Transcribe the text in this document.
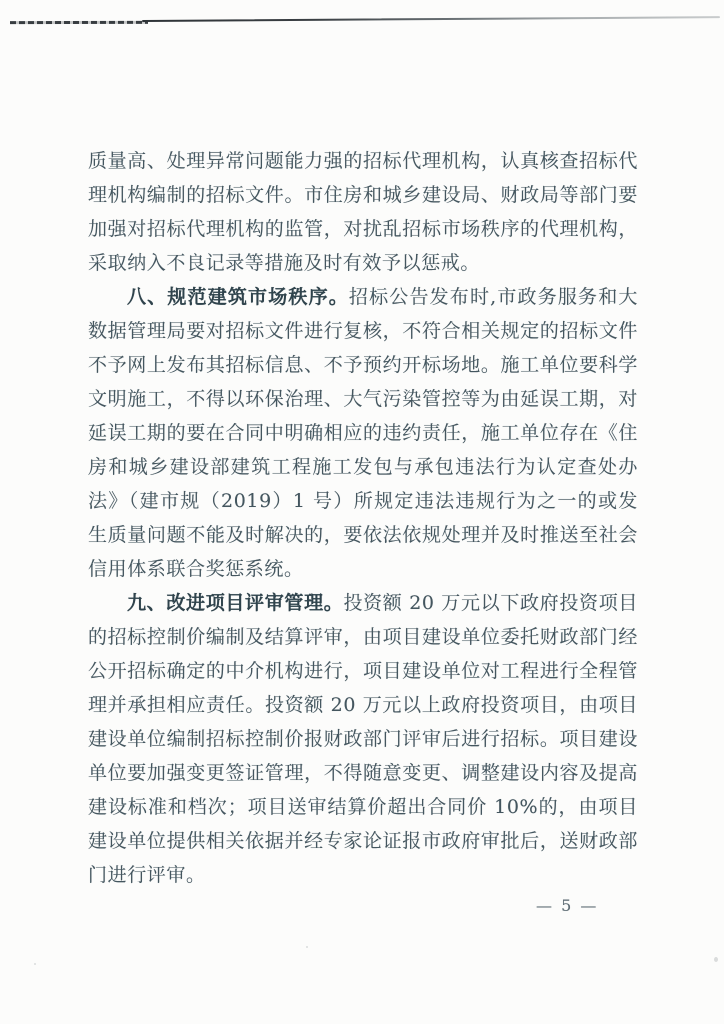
质量高、处理异常问题能力强的招标代理机构，认真核查招标代理机构编制的招标文件。市住房和城乡建设局、财政局等部门要加强对招标代理机构的监管，对扰乱招标市场秩序的代理机构，采取纳入不良记录等措施及时有效予以惩戒。

八、规范建筑市场秩序。招标公告发布时,市政务服务和大数据管理局要对招标文件进行复核，不符合相关规定的招标文件不予网上发布其招标信息、不予预约开标场地。施工单位要科学文明施工，不得以环保治理、大气污染管控等为由延误工期，对延误工期的要在合同中明确相应的违约责任，施工单位存在《住房和城乡建设部建筑工程施工发包与承包违法行为认定查处办法》（建市规（2019）1 号）所规定违法违规行为之一的或发生质量问题不能及时解决的，要依法依规处理并及时推送至社会信用体系联合奖惩系统。

九、改进项目评审管理。投资额 20 万元以下政府投资项目的招标控制价编制及结算评审，由项目建设单位委托财政部门经公开招标确定的中介机构进行，项目建设单位对工程进行全程管理并承担相应责任。投资额 20 万元以上政府投资项目，由项目建设单位编制招标控制价报财政部门评审后进行招标。项目建设单位要加强变更签证管理，不得随意变更、调整建设内容及提高建设标准和档次；项目送审结算价超出合同价 10%的，由项目建设单位提供相关依据并经专家论证报市政府审批后，送财政部门进行评审。

— 5 —
